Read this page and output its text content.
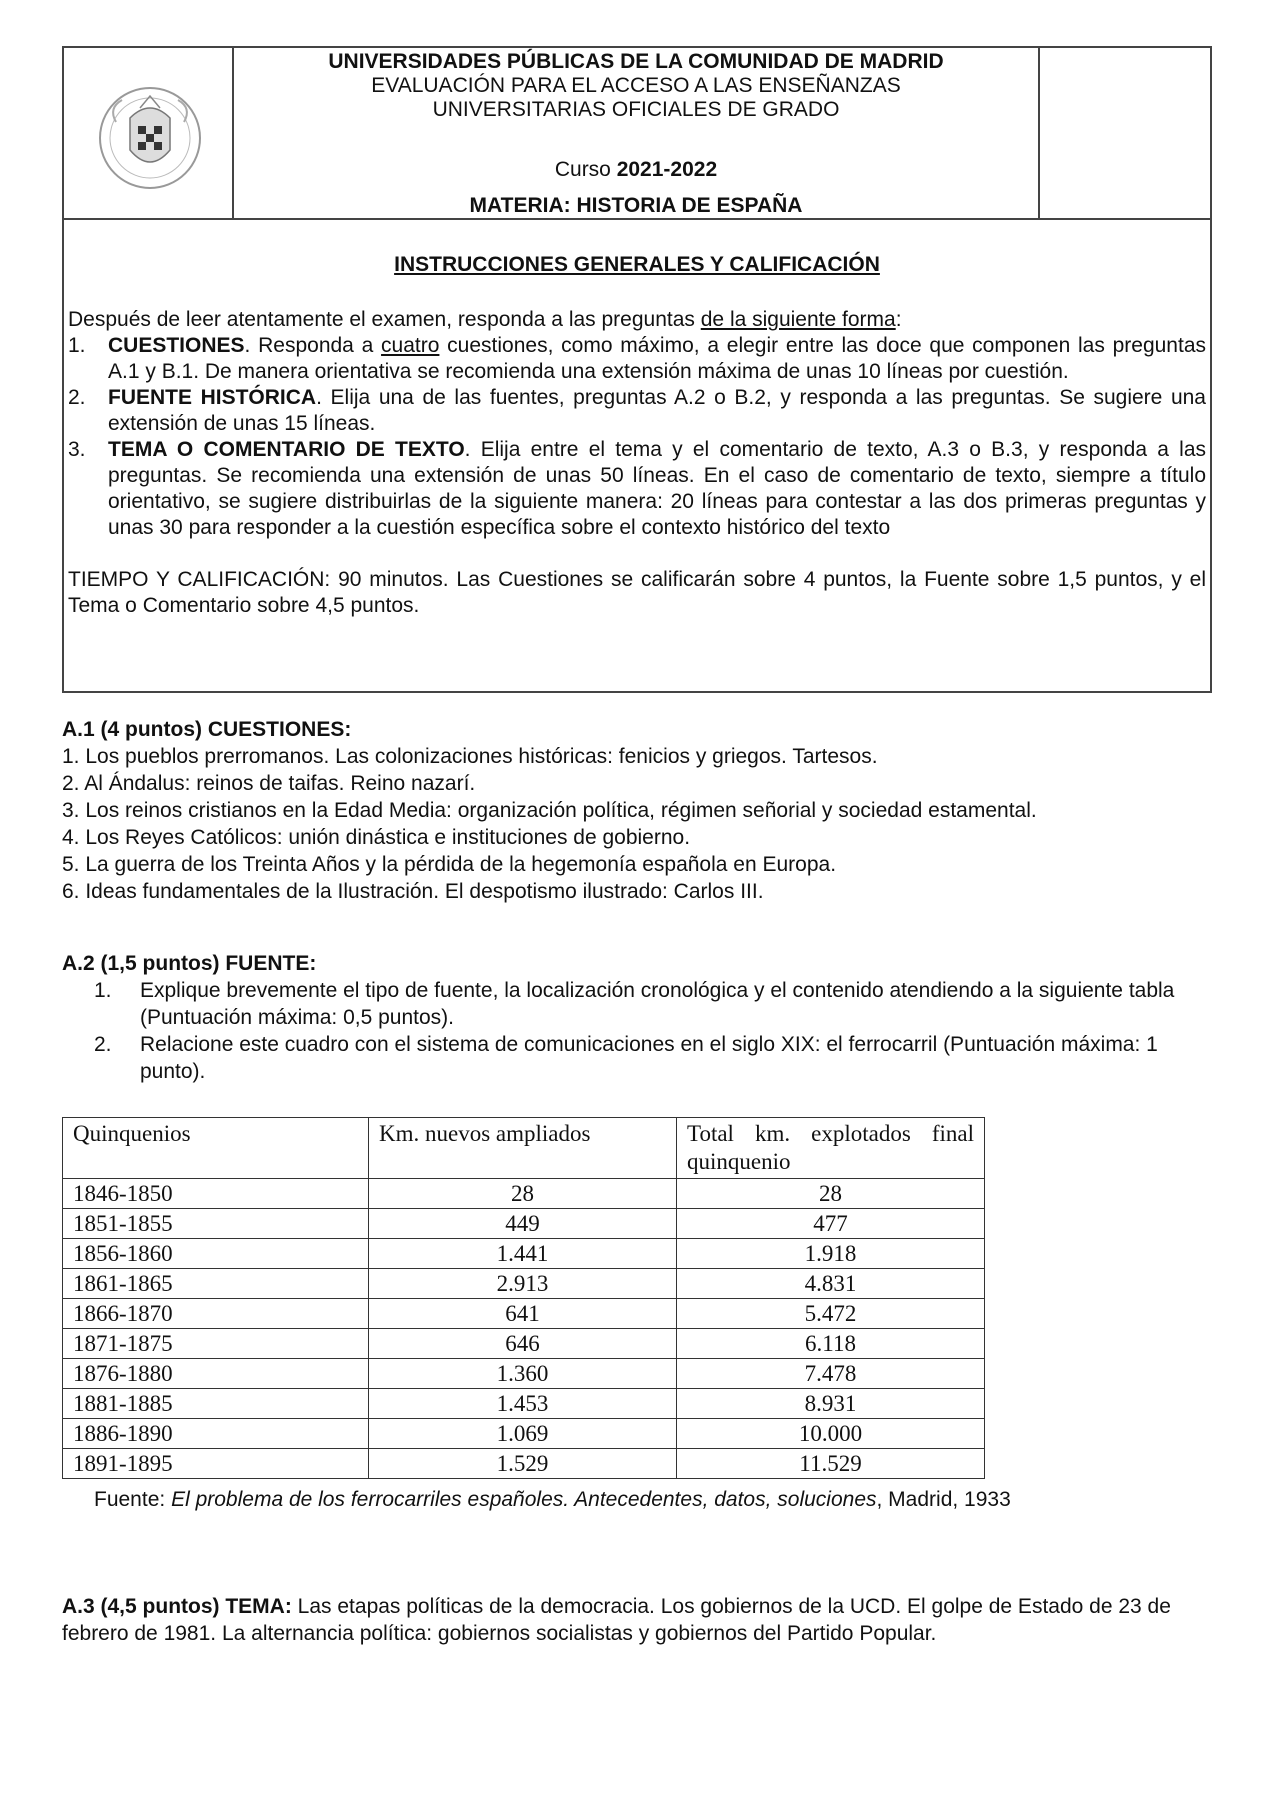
UNIVERSIDADES PÚBLICAS DE LA COMUNIDAD DE MADRID
EVALUACIÓN PARA EL ACCESO A LAS ENSEÑANZAS
UNIVERSITARIAS OFICIALES DE GRADO
Curso 2021-2022
MATERIA: HISTORIA DE ESPAÑA
INSTRUCCIONES GENERALES Y CALIFICACIÓN

Después de leer atentamente el examen, responda a las preguntas de la siguiente forma:

1. CUESTIONES. Responda a cuatro cuestiones, como máximo, a elegir entre las doce que componen las preguntas A.1 y B.1. De manera orientativa se recomienda una extensión máxima de unas 10 líneas por cuestión.
2. FUENTE HISTÓRICA. Elija una de las fuentes, preguntas A.2 o B.2, y responda a las preguntas. Se sugiere una extensión de unas 15 líneas.
3. TEMA O COMENTARIO DE TEXTO. Elija entre el tema y el comentario de texto, A.3 o B.3, y responda a las preguntas. Se recomienda una extensión de unas 50 líneas. En el caso de comentario de texto, siempre a título orientativo, se sugiere distribuirlas de la siguiente manera: 20 líneas para contestar a las dos primeras preguntas y unas 30 para responder a la cuestión específica sobre el contexto histórico del texto

TIEMPO Y CALIFICACIÓN: 90 minutos. Las Cuestiones se calificarán sobre 4 puntos, la Fuente sobre 1,5 puntos, y el Tema o Comentario sobre 4,5 puntos.

A.1 (4 puntos) CUESTIONES:

1. Los pueblos prerromanos. Las colonizaciones históricas: fenicios y griegos. Tartesos.

2. Al Ándalus: reinos de taifas. Reino nazarí.

3. Los reinos cristianos en la Edad Media: organización política, régimen señorial y sociedad estamental.

4. Los Reyes Católicos: unión dinástica e instituciones de gobierno.

5. La guerra de los Treinta Años y la pérdida de la hegemonía española en Europa.

6. Ideas fundamentales de la Ilustración. El despotismo ilustrado: Carlos III.

A.2 (1,5 puntos) FUENTE:

1. Explique brevemente el tipo de fuente, la localización cronológica y el contenido atendiendo a la siguiente tabla (Puntuación máxima: 0,5 puntos).
2. Relacione este cuadro con el sistema de comunicaciones en el siglo XIX: el ferrocarril (Puntuación máxima: 1 punto).
Quinquenios	Km. nuevos ampliados	Total km. explotados final quinquenio
1846-1850	28	28
1851-1855	449	477
1856-1860	1.441	1.918
1861-1865	2.913	4.831
1866-1870	641	5.472
1871-1875	646	6.118
1876-1880	1.360	7.478
1881-1885	1.453	8.931
1886-1890	1.069	10.000
1891-1895	1.529	11.529
Fuente: El problema de los ferrocarriles españoles. Antecedentes, datos, soluciones, Madrid, 1933

A.3 (4,5 puntos) TEMA: Las etapas políticas de la democracia. Los gobiernos de la UCD. El golpe de Estado de 23 de febrero de 1981. La alternancia política: gobiernos socialistas y gobiernos del Partido Popular.
